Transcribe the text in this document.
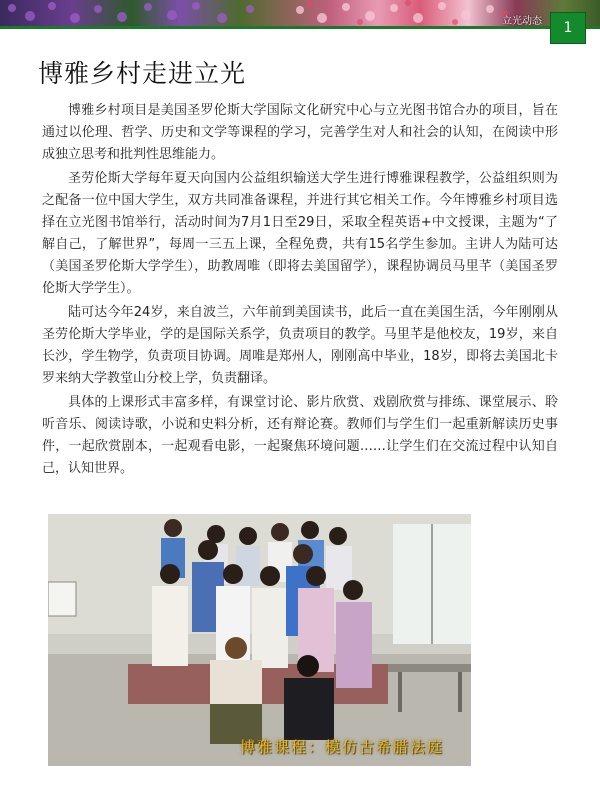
立光动态	1
博雅乡村走进立光

博雅乡村项目是美国圣罗伦斯大学国际文化研究中心与立光图书馆合办的项目，旨在通过以伦理、哲学、历史和文学等课程的学习，完善学生对人和社会的认知，在阅读中形成独立思考和批判性思维能力。

圣劳伦斯大学每年夏天向国内公益组织输送大学生进行博雅课程教学，公益组织则为之配备一位中国大学生，双方共同准备课程，并进行其它相关工作。今年博雅乡村项目选择在立光图书馆举行，活动时间为7月1日至29日，采取全程英语+中文授课，主题为“了解自己，了解世界”，每周一三五上课，全程免费，共有15名学生参加。主讲人为陆可达（美国圣罗伦斯大学学生），助教周唯（即将去美国留学），课程协调员马里芊（美国圣罗伦斯大学学生）。

陆可达今年24岁，来自波兰，六年前到美国读书，此后一直在美国生活，今年刚刚从圣劳伦斯大学毕业，学的是国际关系学，负责项目的教学。马里芊是他校友，19岁，来自长沙，学生物学，负责项目协调。周唯是郑州人，刚刚高中毕业，18岁，即将去美国北卡罗来纳大学教堂山分校上学，负责翻译。

具体的上课形式丰富多样，有课堂讨论、影片欣赏、戏剧欣赏与排练、课堂展示、聆听音乐、阅读诗歌，小说和史料分析，还有辩论赛。教师们与学生们一起重新解读历史事件，一起欣赏剧本，一起观看电影，一起聚焦环境问题……让学生们在交流过程中认知自己，认知世界。

博雅课程：模仿古希腊法庭
